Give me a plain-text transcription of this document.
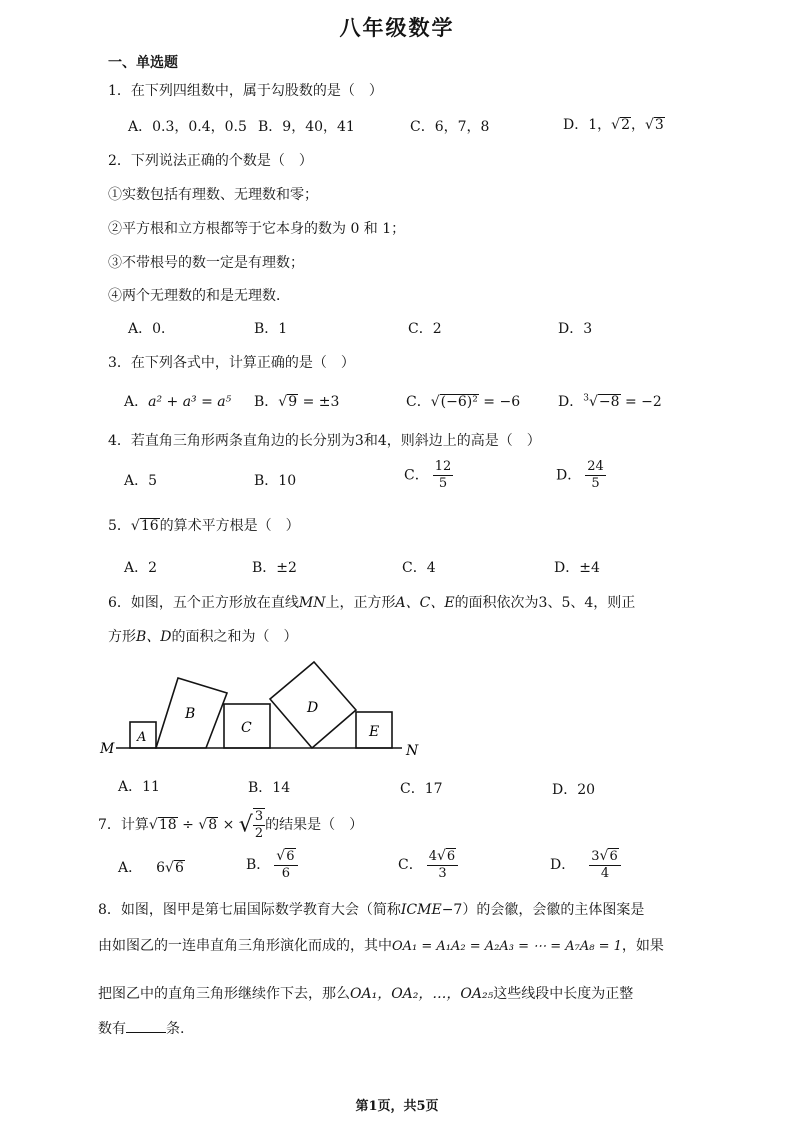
八年级数学
一、单选题
1．在下列四组数中，属于勾股数的是（　）
A．0.3，0.4，0.5 B．9，40，41	C．6，7，8	D．1，√2，√3
2．下列说法正确的个数是（　）
①实数包括有理数、无理数和零；
②平方根和立方根都等于它本身的数为 0 和 1；
③不带根号的数一定是有理数；
④两个无理数的和是无理数．
A．0．	B．1	C．2	D．3
3．在下列各式中，计算正确的是（　）
A．a² + a³ = a⁵ B．√9 = ±3	C．√(−6)² = −6	D．$^3$√−8 = −2
4．若直角三角形两条直角边的长分别为3和4，则斜边上的高是（　）
A．5	B．10	C． $\frac{12}{5}$	D． $\frac{24}{5}$
5．√16的算术平方根是（　）
A．2	B．±2	C．4	D．±4
6．如图，五个正方形放在直线MN上，正方形A、C、E的面积依次为3、5、4，则正
方形B、D的面积之和为（　）
M	N
A
B
C
D
E
A．11	B．14	C．17	D．20
7．计算√18 ÷ √8 × √ $\frac{3}{2}$ 的结果是（　）
A． 6√6	B． $\frac{√6}{6}$	C． $\frac{4√6}{3}$	D． $\frac{3√6}{4}$
8．如图，图甲是第七届国际数学教育大会（简称ICME−7）的会徽，会徽的主体图案是
由如图乙的一连串直角三角形演化而成的，其中OA₁ = A₁A₂ = A₂A₃ = ⋯ = A₇A₈ = 1，如果
把图乙中的直角三角形继续作下去，那么OA₁，OA₂，…，OA₂₅这些线段中长度为正整
数有	条.
第1页，共5页
